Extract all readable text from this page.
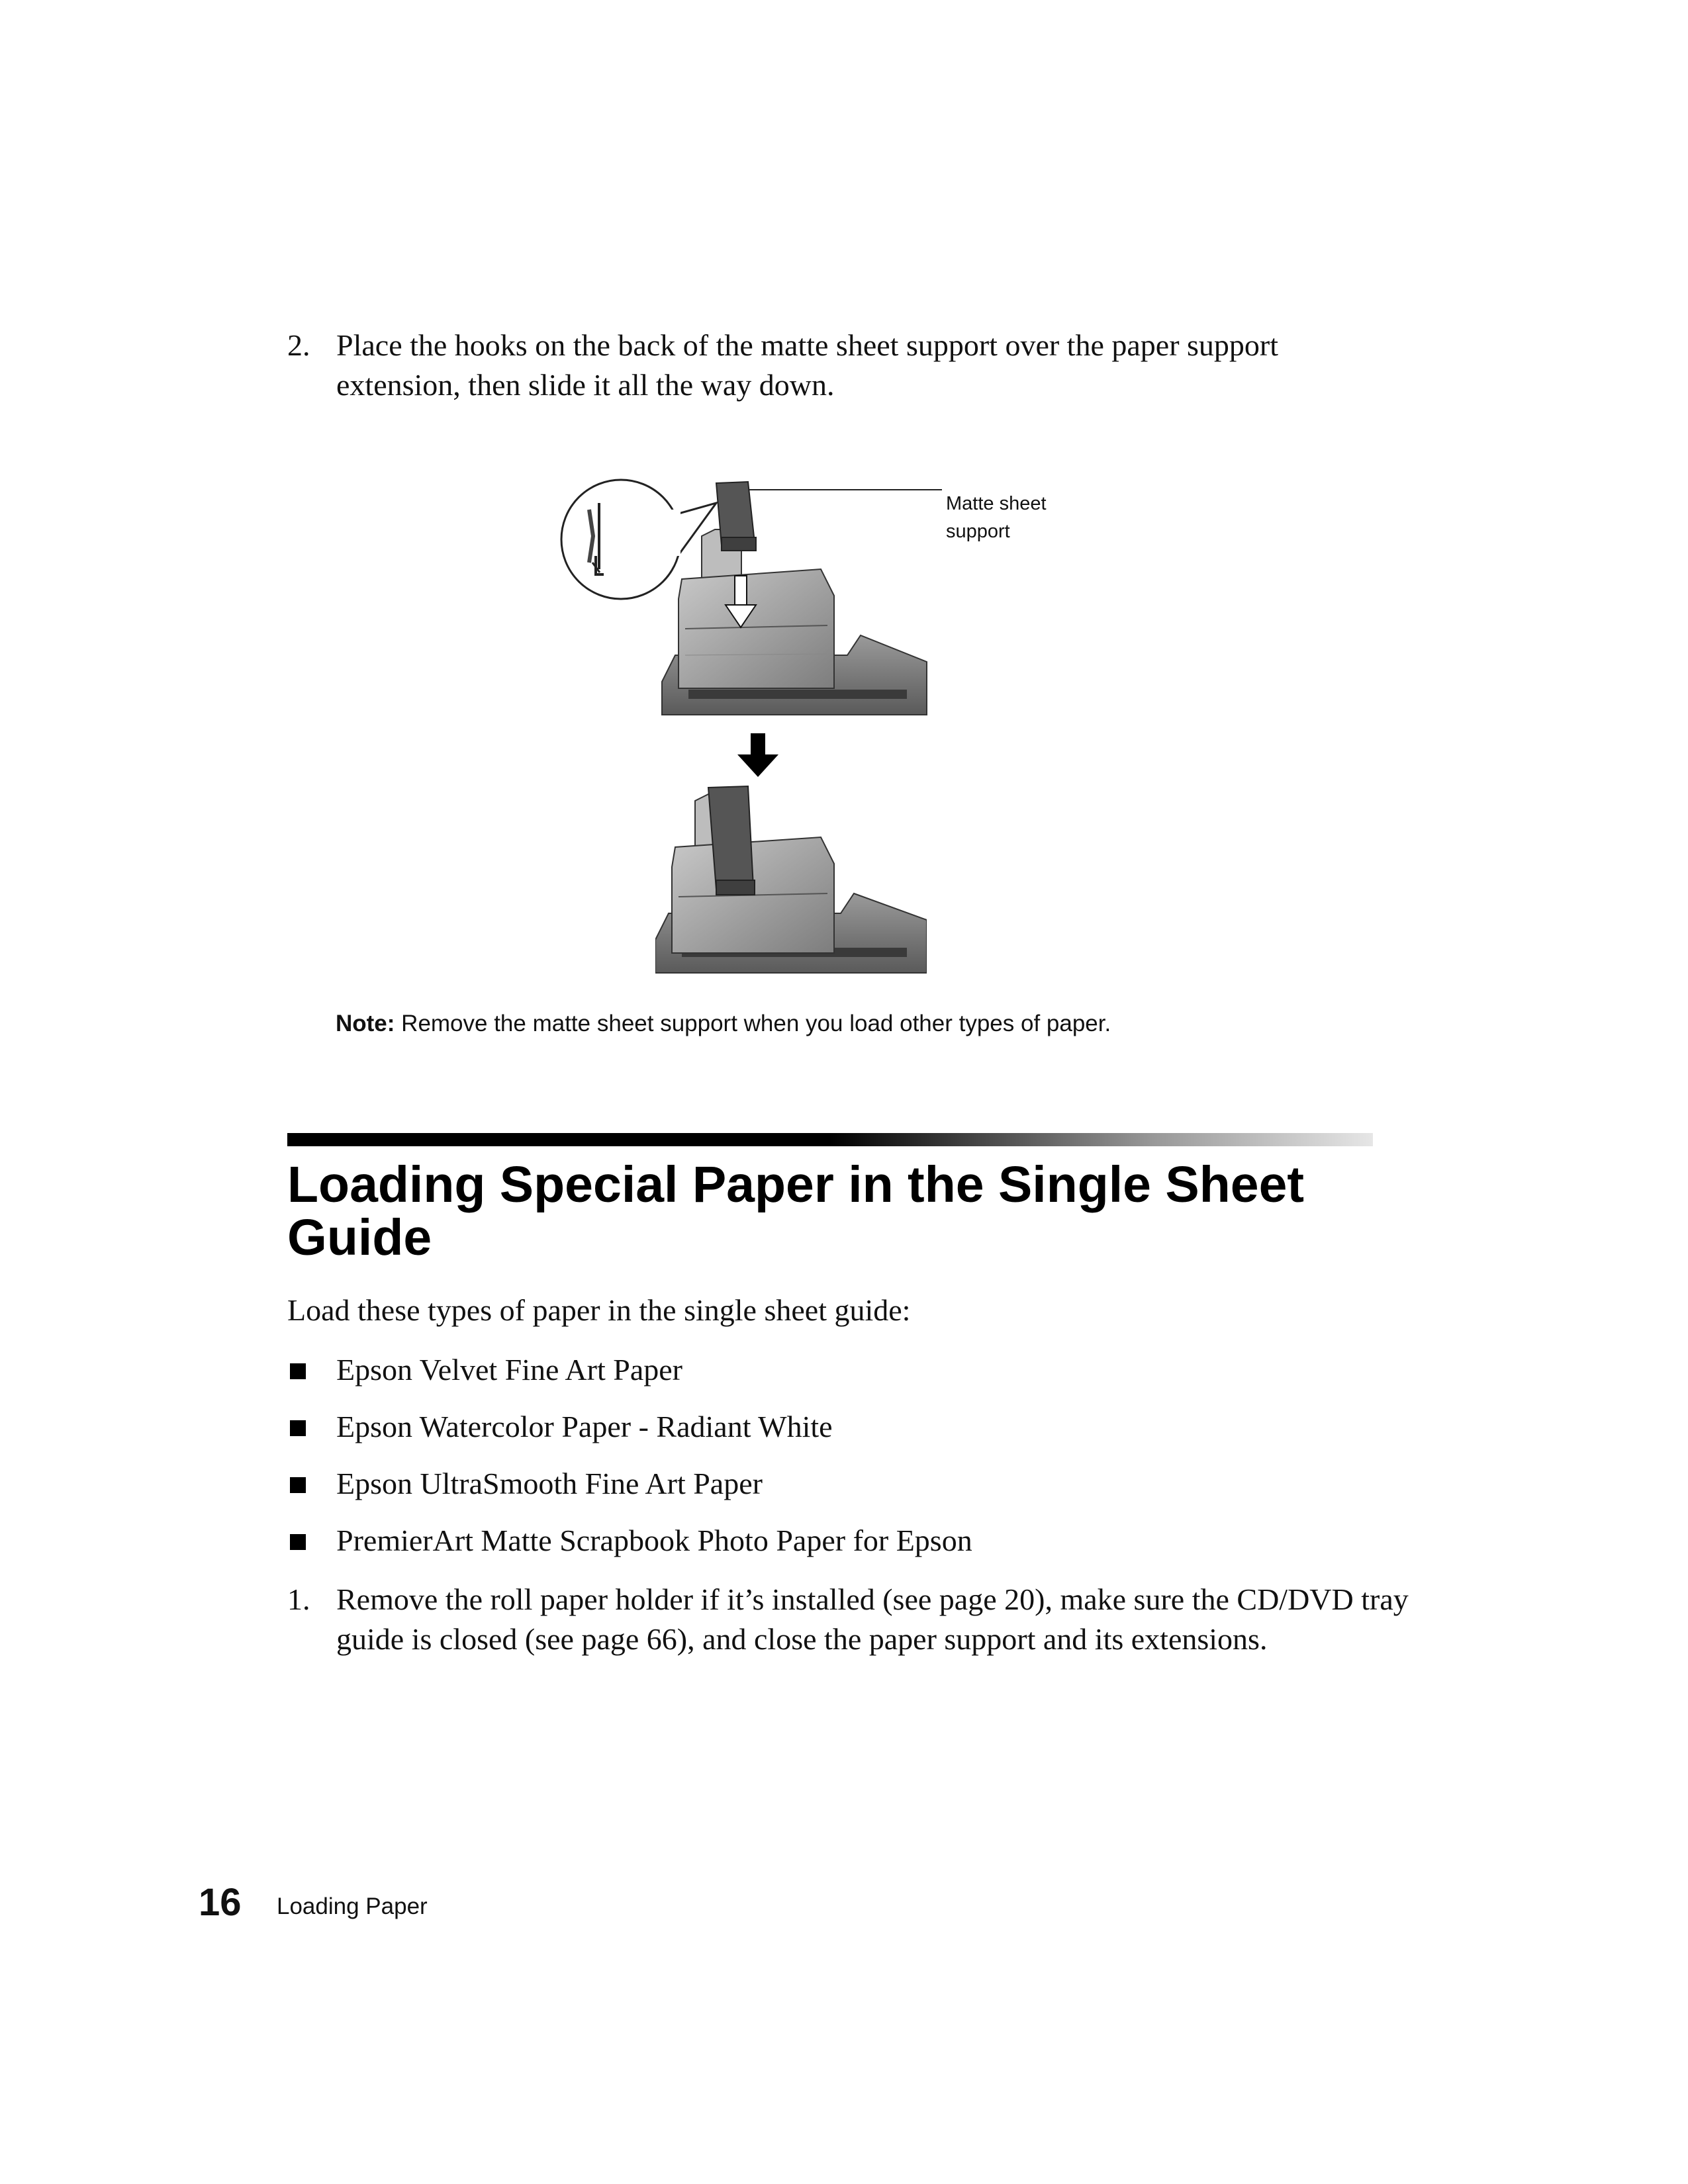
2. Place the hooks on the back of the matte sheet support over the paper support extension, then slide it all the way down.
Matte sheet support
Note: Remove the matte sheet support when you load other types of paper.
Loading Special Paper in the Single Sheet Guide
Load these types of paper in the single sheet guide:
Epson Velvet Fine Art Paper
Epson Watercolor Paper - Radiant White
Epson UltraSmooth Fine Art Paper
PremierArt Matte Scrapbook Photo Paper for Epson
1. Remove the roll paper holder if it’s installed (see page 20), make sure the CD/DVD tray guide is closed (see page 66), and close the paper support and its extensions.
16 Loading Paper
